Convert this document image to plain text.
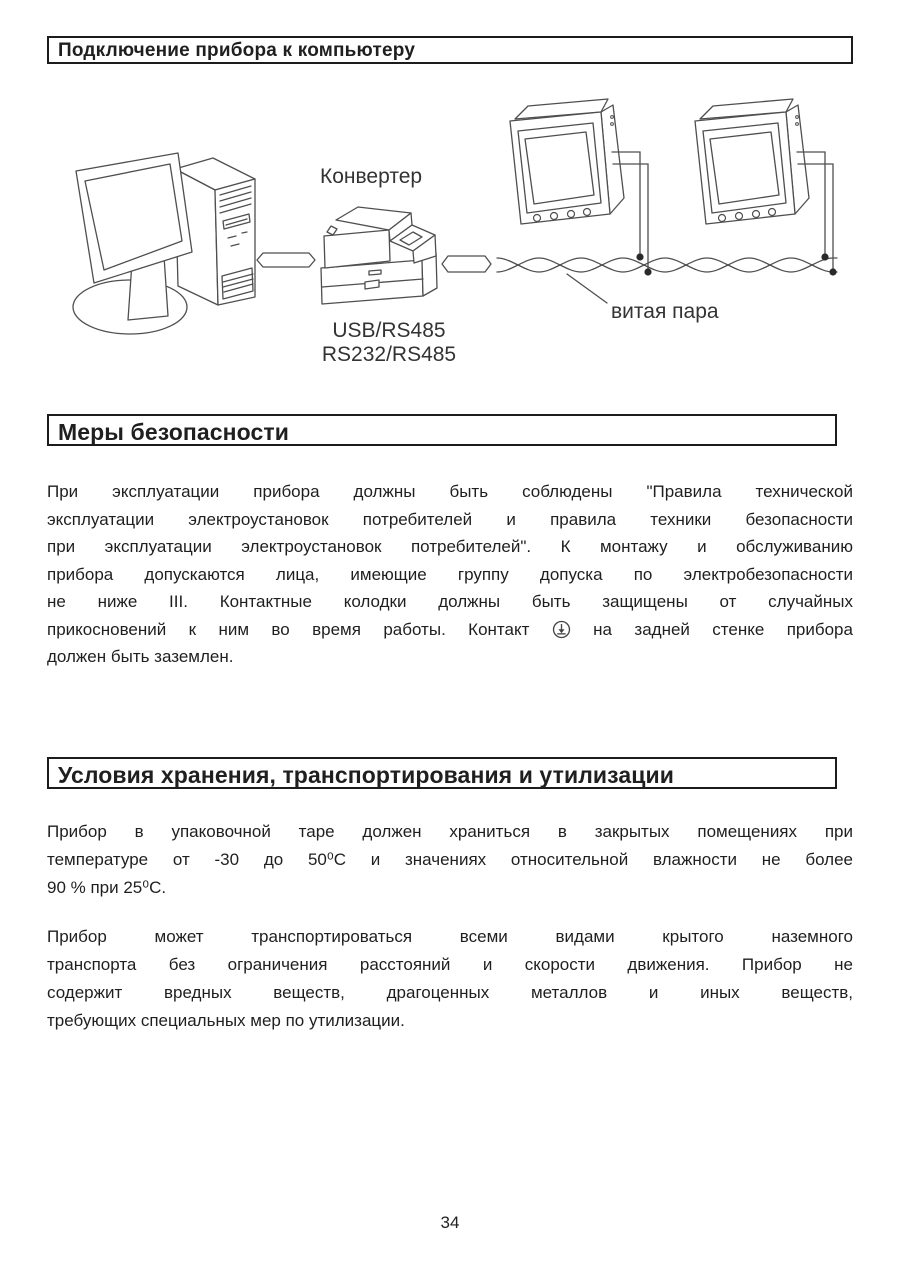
Подключение прибора к компьютеру
Конвертер
USB/RS485
RS232/RS485
витая пара
Меры безопасности
При эксплуатации прибора должны быть соблюдены "Правила технической
эксплуатации электроустановок потребителей и правила техники безопасности
при эксплуатации электроустановок потребителей". К монтажу и обслуживанию
прибора допускаются лица, имеющие группу допуска по электробезопасности
не ниже III. Контактные колодки должны быть защищены от случайных
прикосновений к ним во время работы. Контакт	на задней стенке прибора
должен быть заземлен.
Условия хранения, транспортирования и утилизации
Прибор в упаковочной таре должен храниться в закрытых помещениях при
температуре от -30 до 50⁰С и значениях относительной влажности не более
90 % при 25⁰С.
Прибор может транспортироваться всеми видами крытого наземного
транспорта без ограничения расстояний и скорости движения. Прибор не
содержит вредных веществ, драгоценных металлов и иных веществ,
требующих специальных мер по утилизации.
34
